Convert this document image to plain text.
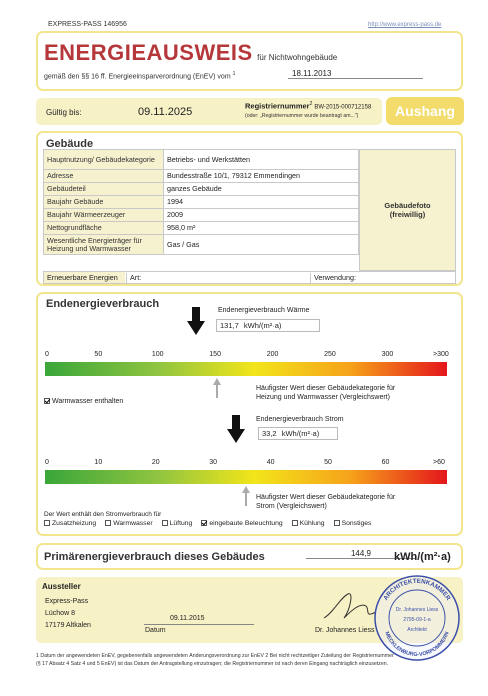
EXPRESS-PASS 146956	http://www.express-pass.de
ENERGIEAUSWEIS für Nichtwohngebäude
gemäß den §§ 16 ff. Energieeinsparverordnung (EnEV) vom $^1$	18.11.2013
Gültig bis:	09.11.2025
Registriernummer$^2$ BW-2015-000712158
(oder: „Registriernummer wurde beantragt am...")	Aushang
Gebäude
Hauptnutzung/ Gebäudekategorie	Betriebs- und Werkstätten
Adresse	Bundesstraße 10/1, 79312 Emmendingen
Gebäudeteil	ganzes Gebäude
Baujahr Gebäude	1994
Baujahr Wärmeerzeuger	2009
Nettogrundfläche	958,0 m²
Wesentliche Energieträger für Heizung und Warmwasser	Gas / Gas
Gebäudefoto (freiwillig)
Erneuerbare Energien	Art:	Verwendung:
Endenergieverbrauch
Endenergieverbrauch Wärme
131,7 kWh/(m²·a)
0	50	100	150	200	250	300	>300
Häufigster Wert dieser Gebäudekategorie für Heizung und Warmwasser (Vergleichswert)
Warmwasser enthalten
Endenergieverbrauch Strom
33,2 kWh/(m²·a)
0	10	20	30	40	50	60	>60
Häufigster Wert dieser Gebäudekategorie für Strom (Vergleichswert)
Der Wert enthält den Stromverbrauch für
Zusatzheizung	Warmwasser	Lüftung	eingebaute Beleuchtung	Kühlung	Sonstiges
Primärenergieverbrauch dieses Gebäudes	144,9	kWh/(m²·a)
Aussteller
Express-Pass
Lüchow 8
17179 Altkalen
09.11.2015
Datum	Dr. Johannes Liess
ARCHITEKTENKAMMER
MECKLENBURG-VORPOMMERN
Dr. Johannes Liess
2795-09-1-a
Architekt
1 Datum der angewendeten EnEV, gegebenenfalls angewendeten Änderungsverordnung zur EnEV 2 Bei nicht rechtzeitiger Zuteilung der Registriernummer
(§ 17 Absatz 4 Satz 4 und 5 EnEV) ist das Datum der Antragstellung einzutragen; die Registriernummer ist nach deren Eingang nachträglich einzusetzen.
